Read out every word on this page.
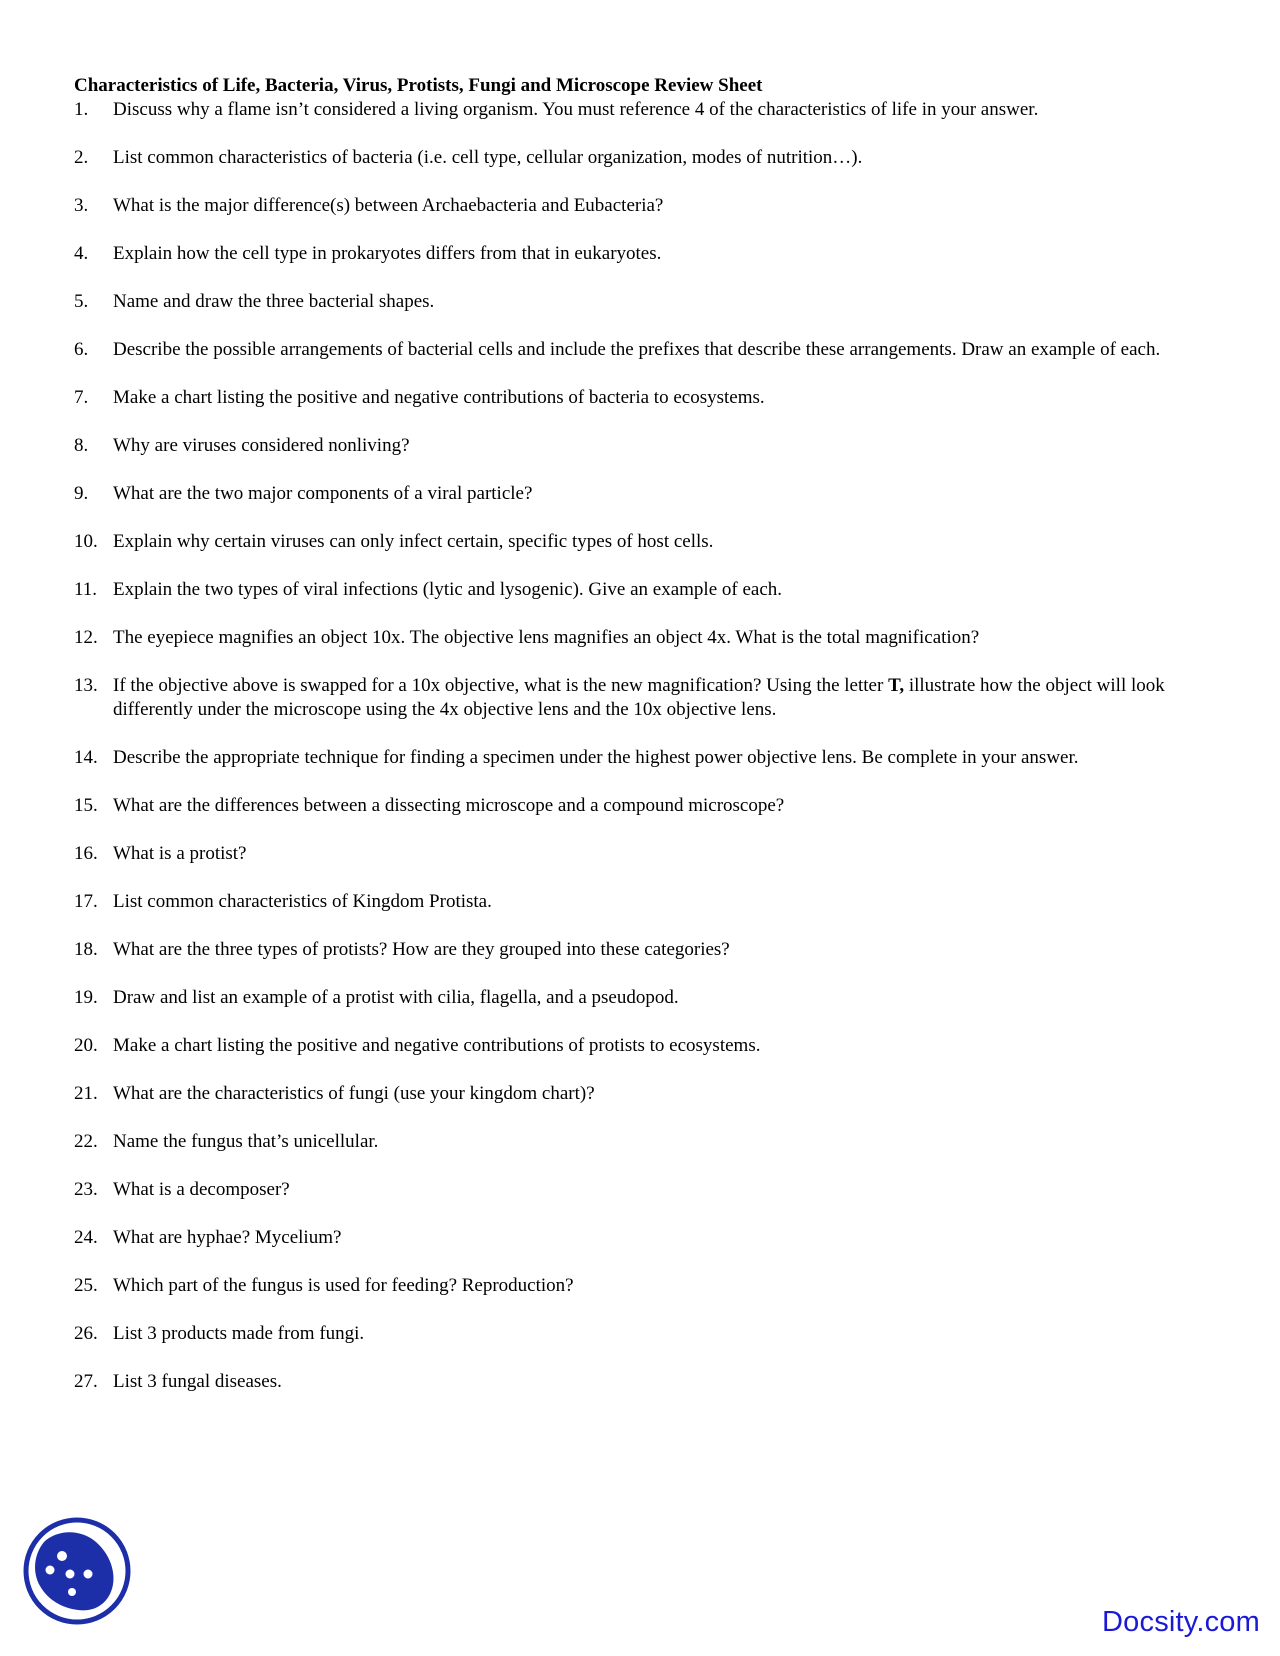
Characteristics of Life, Bacteria, Virus, Protists, Fungi and Microscope Review Sheet
1.	Discuss why a flame isn’t considered a living organism. You must reference 4 of the characteristics of life in your answer.
2.	List common characteristics of bacteria (i.e. cell type, cellular organization, modes of nutrition…).
3.	What is the major difference(s) between Archaebacteria and Eubacteria?
4.	Explain how the cell type in prokaryotes differs from that in eukaryotes.
5.	Name and draw the three bacterial shapes.
6.	Describe the possible arrangements of bacterial cells and include the prefixes that describe these arrangements. Draw an example of each.
7.	Make a chart listing the positive and negative contributions of bacteria to ecosystems.
8.	Why are viruses considered nonliving?
9.	What are the two major components of a viral particle?
10. Explain why certain viruses can only infect certain, specific types of host cells.
11. Explain the two types of viral infections (lytic and lysogenic). Give an example of each.
12. The eyepiece magnifies an object 10x. The objective lens magnifies an object 4x. What is the total magnification?
13. If the objective above is swapped for a 10x objective, what is the new magnification? Using the letter T, illustrate how the object will look differently under the microscope using the 4x objective lens and the 10x objective lens.
14. Describe the appropriate technique for finding a specimen under the highest power objective lens. Be complete in your answer.
15. What are the differences between a dissecting microscope and a compound microscope?
16. What is a protist?
17. List common characteristics of Kingdom Protista.
18. What are the three types of protists? How are they grouped into these categories?
19. Draw and list an example of a protist with cilia, flagella, and a pseudopod.
20. Make a chart listing the positive and negative contributions of protists to ecosystems.
21. What are the characteristics of fungi (use your kingdom chart)?
22. Name the fungus that’s unicellular.
23. What is a decomposer?
24. What are hyphae? Mycelium?
25. Which part of the fungus is used for feeding? Reproduction?
26. List 3 products made from fungi.
27. List 3 fungal diseases.
Docsity.com
